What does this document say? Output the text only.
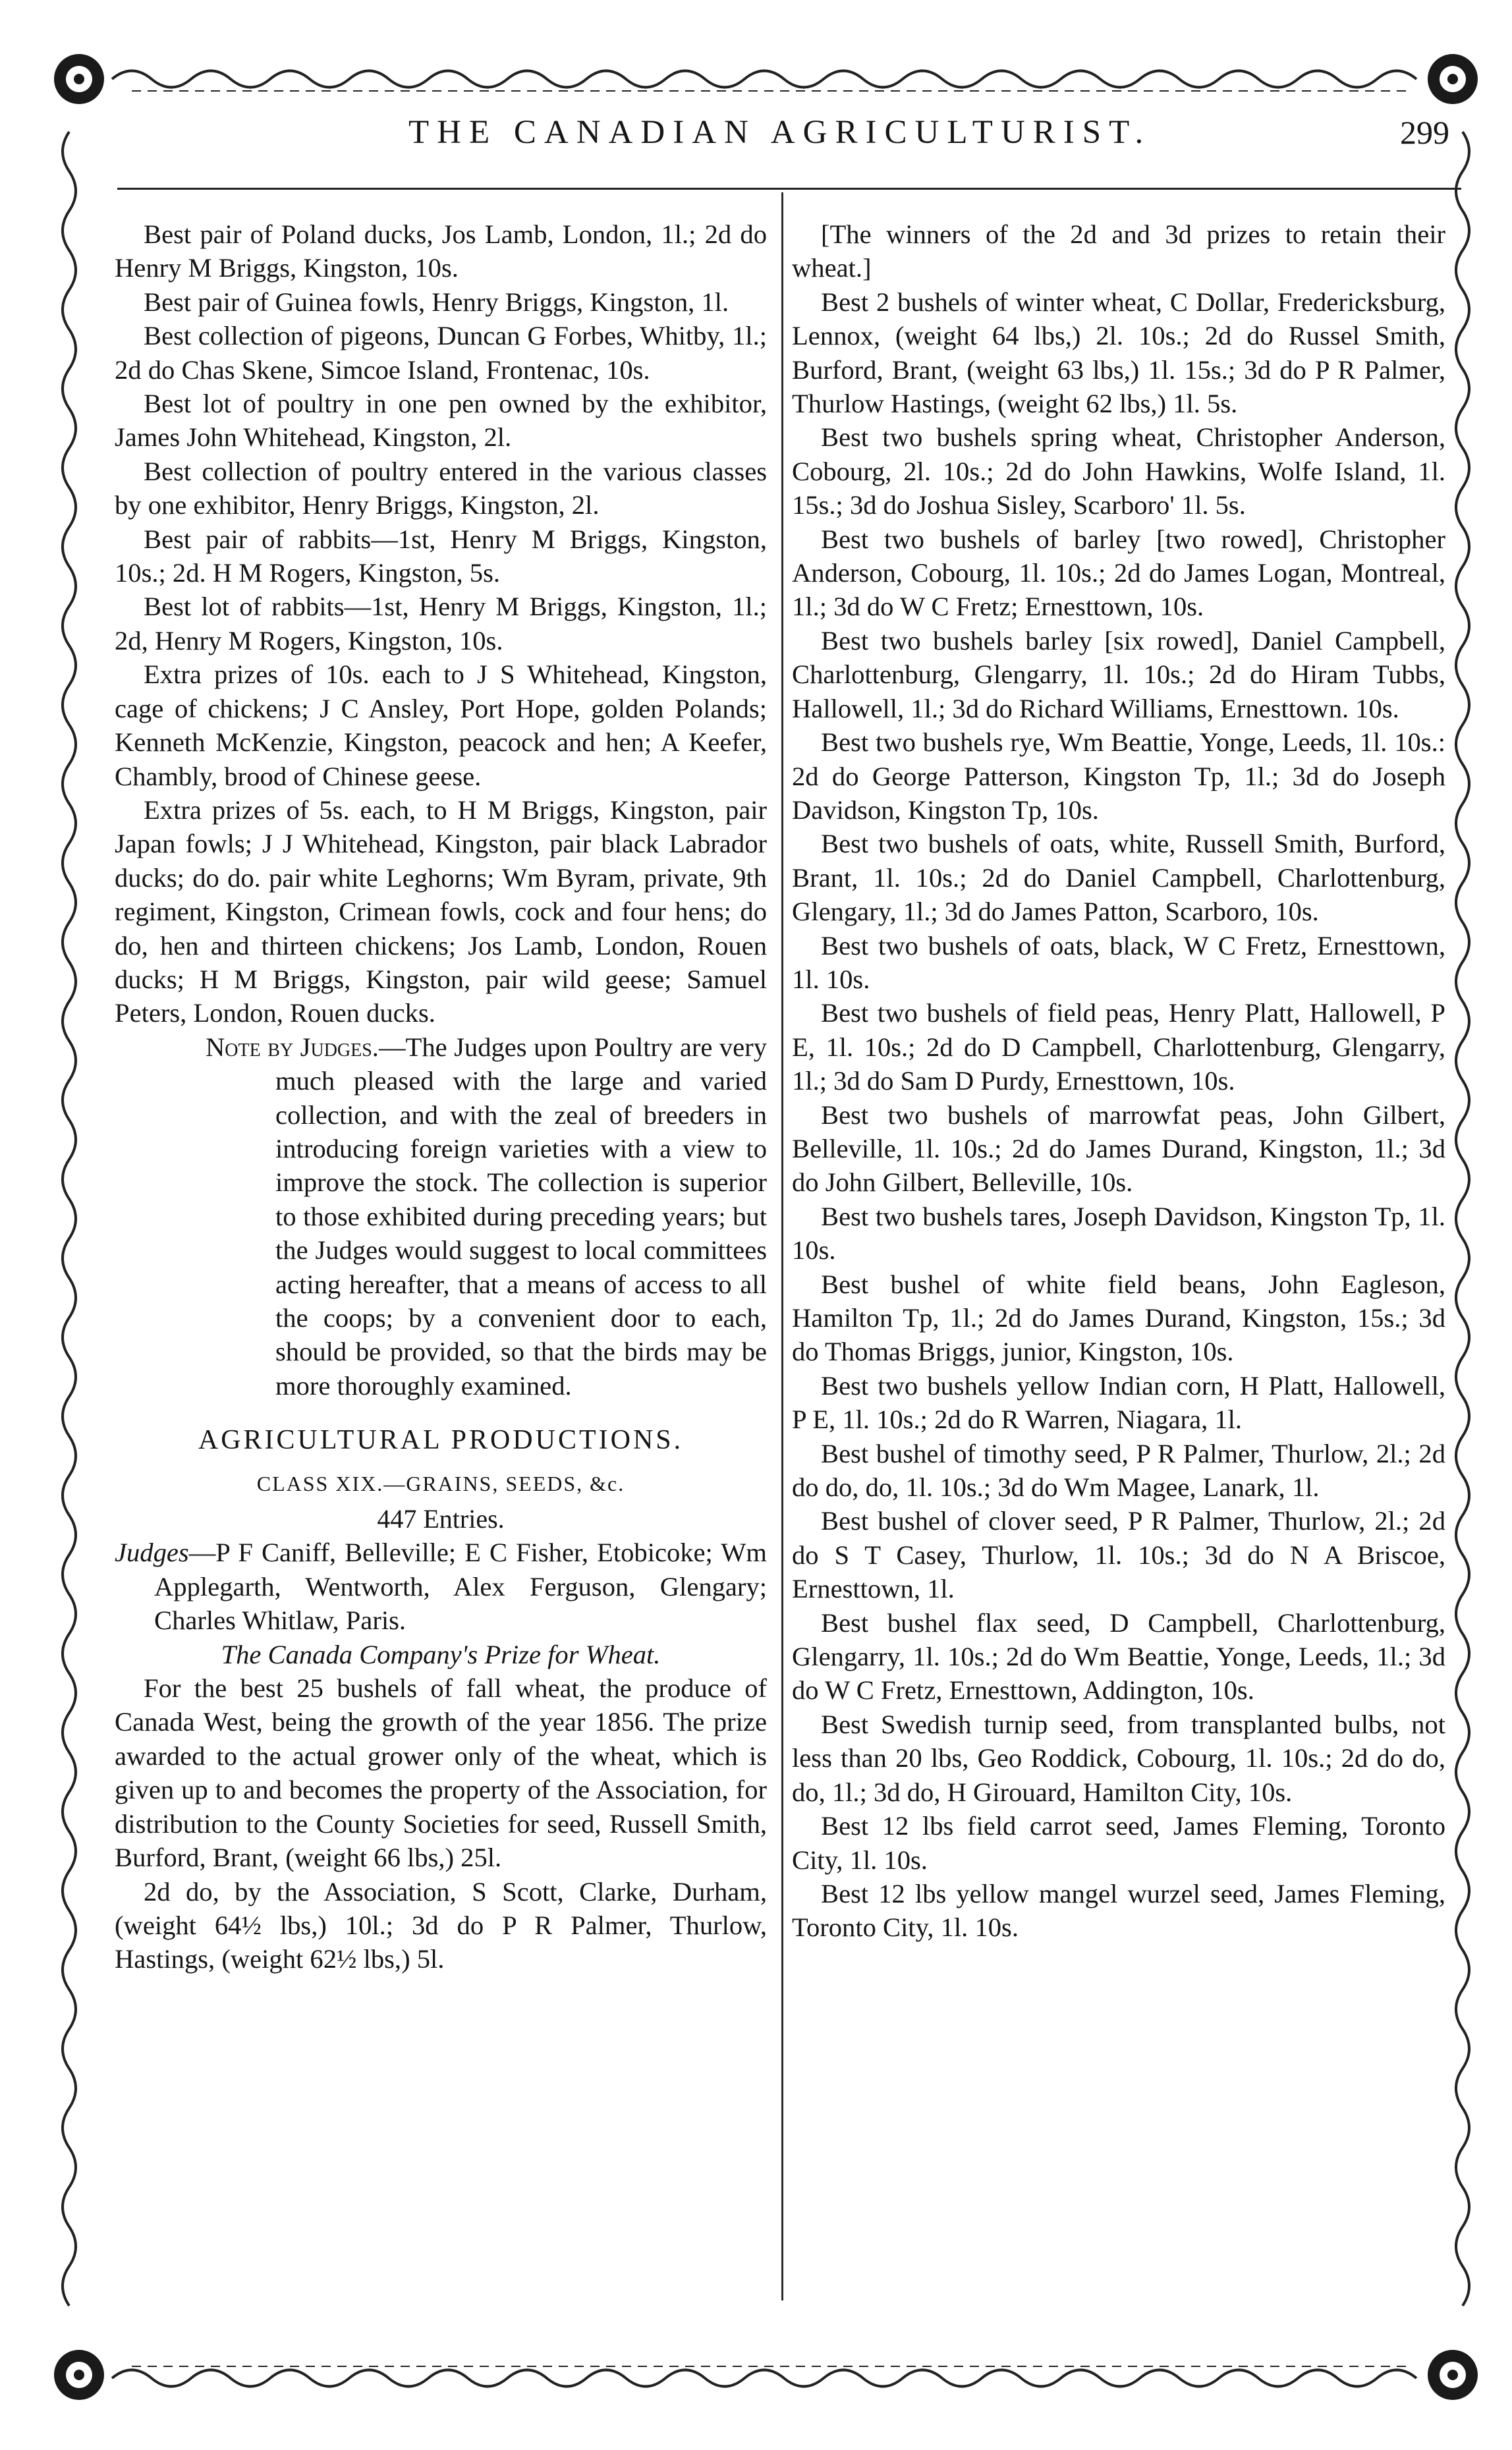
THE CANADIAN AGRICULTURIST.	299

Best pair of Poland ducks, Jos Lamb, London, 1l.; 2d do Henry M Briggs, Kingston, 10s.

Best pair of Guinea fowls, Henry Briggs, Kingston, 1l.

Best collection of pigeons, Duncan G Forbes, Whitby, 1l.; 2d do Chas Skene, Simcoe Island, Frontenac, 10s.

Best lot of poultry in one pen owned by the exhibitor, James John Whitehead, Kingston, 2l.

Best collection of poultry entered in the various classes by one exhibitor, Henry Briggs, Kingston, 2l.

Best pair of rabbits—1st, Henry M Briggs, Kingston, 10s.; 2d. H M Rogers, Kingston, 5s.

Best lot of rabbits—1st, Henry M Briggs, Kingston, 1l.; 2d, Henry M Rogers, Kingston, 10s.

Extra prizes of 10s. each to J S Whitehead, Kingston, cage of chickens; J C Ansley, Port Hope, golden Polands; Kenneth McKenzie, Kingston, peacock and hen; A Keefer, Chambly, brood of Chinese geese.

Extra prizes of 5s. each, to H M Briggs, Kingston, pair Japan fowls; J J Whitehead, Kingston, pair black Labrador ducks; do do. pair white Leghorns; Wm Byram, private, 9th regiment, Kingston, Crimean fowls, cock and four hens; do do, hen and thirteen chickens; Jos Lamb, London, Rouen ducks; H M Briggs, Kingston, pair wild geese; Samuel Peters, London, Rouen ducks.

Note by Judges.—The Judges upon Poultry are very much pleased with the large and varied collection, and with the zeal of breeders in introducing foreign varieties with a view to improve the stock. The collection is superior to those exhibited during preceding years; but the Judges would suggest to local committees acting hereafter, that a means of access to all the coops; by a convenient door to each, should be provided, so that the birds may be more thoroughly examined.

AGRICULTURAL PRODUCTIONS.

CLASS XIX.—GRAINS, SEEDS, &c.

447 Entries.

Judges—P F Caniff, Belleville; E C Fisher, Etobicoke; Wm Applegarth, Wentworth, Alex Ferguson, Glengary; Charles Whitlaw, Paris.

The Canada Company's Prize for Wheat.

For the best 25 bushels of fall wheat, the produce of Canada West, being the growth of the year 1856. The prize awarded to the actual grower only of the wheat, which is given up to and becomes the property of the Association, for distribution to the County Societies for seed, Russell Smith, Burford, Brant, (weight 66 lbs,) 25l.

2d do, by the Association, S Scott, Clarke, Durham, (weight 64½ lbs,) 10l.; 3d do P R Palmer, Thurlow, Hastings, (weight 62½ lbs,) 5l.

[The winners of the 2d and 3d prizes to retain their wheat.]

Best 2 bushels of winter wheat, C Dollar, Fredericksburg, Lennox, (weight 64 lbs,) 2l. 10s.; 2d do Russel Smith, Burford, Brant, (weight 63 lbs,) 1l. 15s.; 3d do P R Palmer, Thurlow Hastings, (weight 62 lbs,) 1l. 5s.

Best two bushels spring wheat, Christopher Anderson, Cobourg, 2l. 10s.; 2d do John Hawkins, Wolfe Island, 1l. 15s.; 3d do Joshua Sisley, Scarboro' 1l. 5s.

Best two bushels of barley [two rowed], Christopher Anderson, Cobourg, 1l. 10s.; 2d do James Logan, Montreal, 1l.; 3d do W C Fretz; Ernesttown, 10s.

Best two bushels barley [six rowed], Daniel Campbell, Charlottenburg, Glengarry, 1l. 10s.; 2d do Hiram Tubbs, Hallowell, 1l.; 3d do Richard Williams, Ernesttown. 10s.

Best two bushels rye, Wm Beattie, Yonge, Leeds, 1l. 10s.: 2d do George Patterson, Kingston Tp, 1l.; 3d do Joseph Davidson, Kingston Tp, 10s.

Best two bushels of oats, white, Russell Smith, Burford, Brant, 1l. 10s.; 2d do Daniel Campbell, Charlottenburg, Glengary, 1l.; 3d do James Patton, Scarboro, 10s.

Best two bushels of oats, black, W C Fretz, Ernesttown, 1l. 10s.

Best two bushels of field peas, Henry Platt, Hallowell, P E, 1l. 10s.; 2d do D Campbell, Charlottenburg, Glengarry, 1l.; 3d do Sam D Purdy, Ernesttown, 10s.

Best two bushels of marrowfat peas, John Gilbert, Belleville, 1l. 10s.; 2d do James Durand, Kingston, 1l.; 3d do John Gilbert, Belleville, 10s.

Best two bushels tares, Joseph Davidson, Kingston Tp, 1l. 10s.

Best bushel of white field beans, John Eagleson, Hamilton Tp, 1l.; 2d do James Durand, Kingston, 15s.; 3d do Thomas Briggs, junior, Kingston, 10s.

Best two bushels yellow Indian corn, H Platt, Hallowell, P E, 1l. 10s.; 2d do R Warren, Niagara, 1l.

Best bushel of timothy seed, P R Palmer, Thurlow, 2l.; 2d do do, do, 1l. 10s.; 3d do Wm Magee, Lanark, 1l.

Best bushel of clover seed, P R Palmer, Thurlow, 2l.; 2d do S T Casey, Thurlow, 1l. 10s.; 3d do N A Briscoe, Ernesttown, 1l.

Best bushel flax seed, D Campbell, Charlottenburg, Glengarry, 1l. 10s.; 2d do Wm Beattie, Yonge, Leeds, 1l.; 3d do W C Fretz, Ernesttown, Addington, 10s.

Best Swedish turnip seed, from transplanted bulbs, not less than 20 lbs, Geo Roddick, Cobourg, 1l. 10s.; 2d do do, do, 1l.; 3d do, H Girouard, Hamilton City, 10s.

Best 12 lbs field carrot seed, James Fleming, Toronto City, 1l. 10s.

Best 12 lbs yellow mangel wurzel seed, James Fleming, Toronto City, 1l. 10s.
